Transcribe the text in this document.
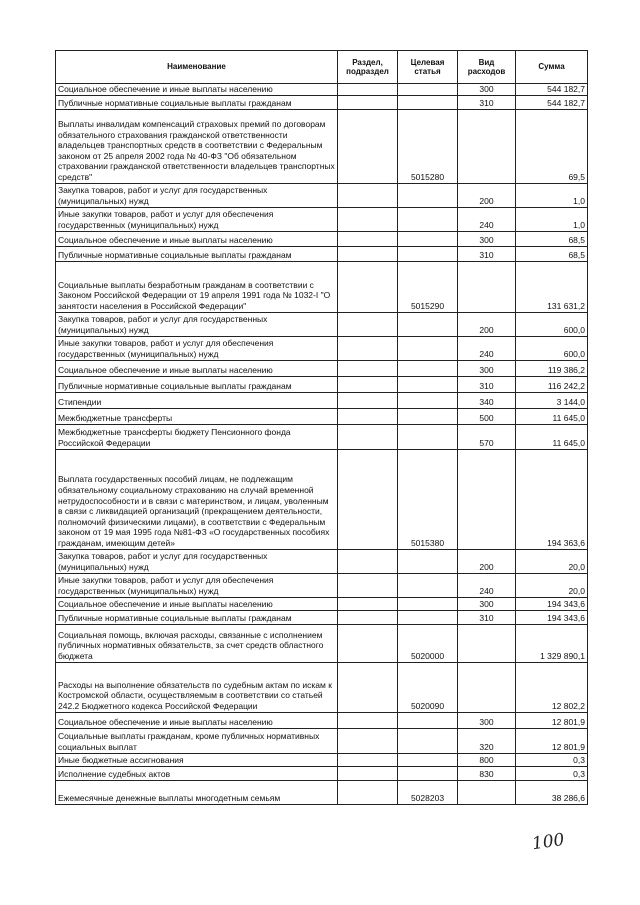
Наименование	Раздел, подраздел	Целевая статья	Вид расходов	Сумма
Социальное обеспечение и иные выплаты населению			300	544 182,7
Публичные нормативные социальные выплаты гражданам			310	544 182,7
Выплаты инвалидам компенсаций страховых премий по договорам обязательного страхования гражданской ответственности владельцев транспортных средств в соответствии с Федеральным законом от 25 апреля 2002 года № 40-ФЗ "Об обязательном страховании гражданской ответственности владельцев транспортных средств"		5015280		69,5
Закупка товаров, работ и услуг для государственных (муниципальных) нужд			200	1,0
Иные закупки товаров, работ и услуг для обеспечения государственных (муниципальных) нужд			240	1,0
Социальное обеспечение и иные выплаты населению			300	68,5
Публичные нормативные социальные выплаты гражданам			310	68,5
Социальные выплаты безработным гражданам в соответствии с Законом Российской Федерации от 19 апреля 1991 года № 1032-I "О занятости населения в Российской Федерации"		5015290		131 631,2
Закупка товаров, работ и услуг для государственных (муниципальных) нужд			200	600,0
Иные закупки товаров, работ и услуг для обеспечения государственных (муниципальных) нужд			240	600,0
Социальное обеспечение и иные выплаты населению			300	119 386,2
Публичные нормативные социальные выплаты гражданам			310	116 242,2
Стипендии			340	3 144,0
Межбюджетные трансферты			500	11 645,0
Межбюджетные трансферты бюджету Пенсионного фонда Российской Федерации			570	11 645,0
Выплата государственных пособий лицам, не подлежащим обязательному социальному страхованию на случай временной нетрудоспособности и в связи с материнством, и лицам, уволенным в связи с ликвидацией организаций (прекращением деятельности, полномочий физическими лицами), в соответствии с Федеральным законом от 19 мая 1995 года №81-ФЗ «О государственных пособиях гражданам, имеющим детей»		5015380		194 363,6
Закупка товаров, работ и услуг для государственных (муниципальных) нужд			200	20,0
Иные закупки товаров, работ и услуг для обеспечения государственных (муниципальных) нужд			240	20,0
Социальное обеспечение и иные выплаты населению			300	194 343,6
Публичные нормативные социальные выплаты гражданам			310	194 343,6
Социальная помощь, включая расходы, связанные с исполнением публичных нормативных обязательств, за счет средств областного бюджета		5020000		1 329 890,1
Расходы на выполнение обязательств по судебным актам по искам к Костромской области, осуществляемым в соответствии со статьей 242.2 Бюджетного кодекса Российской Федерации		5020090		12 802,2
Социальное обеспечение и иные выплаты населению			300	12 801,9
Социальные выплаты гражданам, кроме публичных нормативных социальных выплат			320	12 801,9
Иные бюджетные ассигнования			800	0,3
Исполнение судебных актов			830	0,3
Ежемесячные денежные выплаты многодетным семьям		5028203		38 286,6
100
